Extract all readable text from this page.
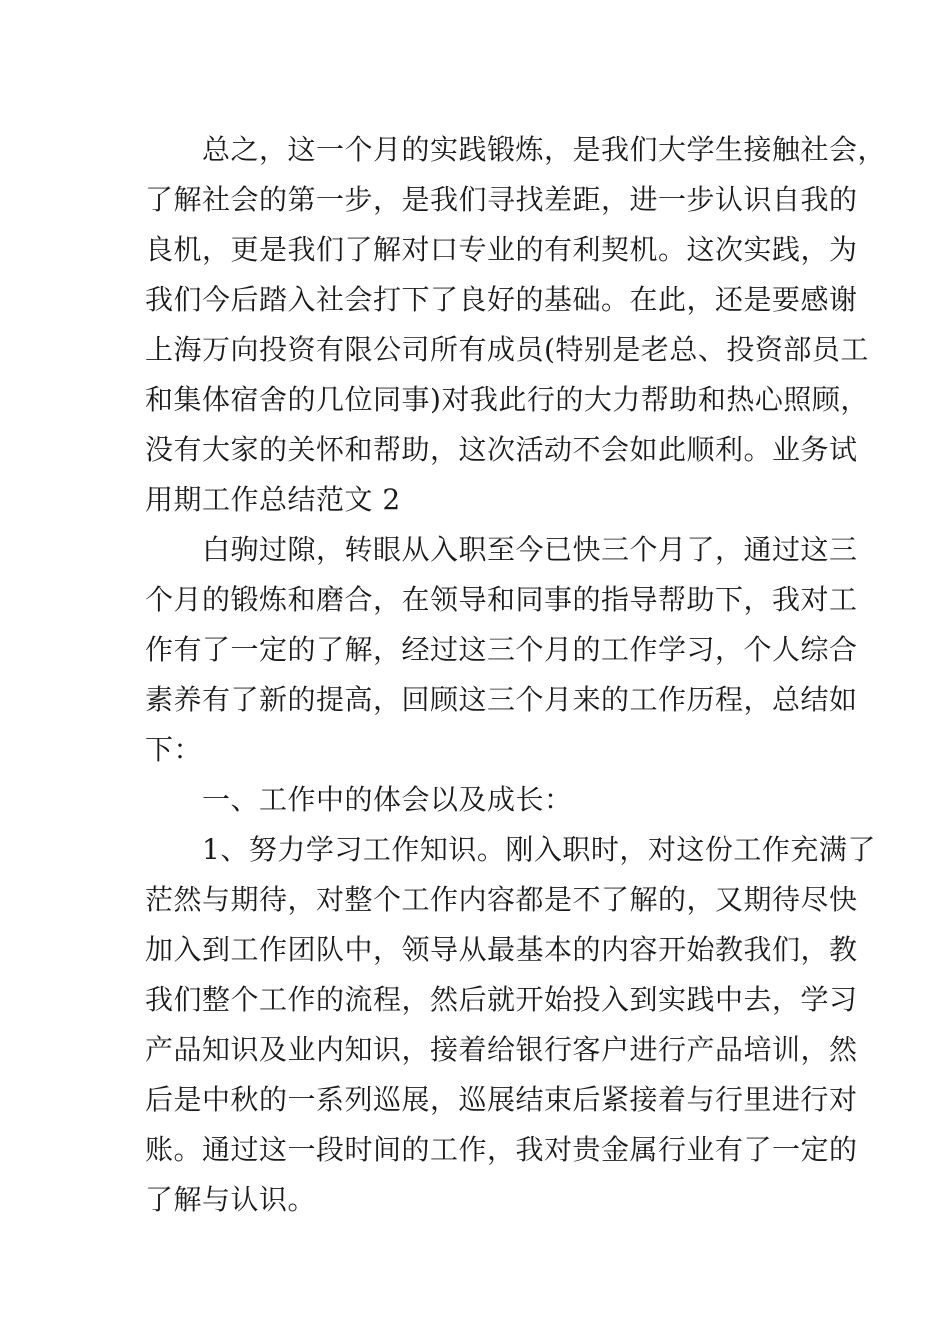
总之，这一个月的实践锻炼，是我们大学生接触社会，
了解社会的第一步，是我们寻找差距，进一步认识自我的
良机，更是我们了解对口专业的有利契机。这次实践，为
我们今后踏入社会打下了良好的基础。在此，还是要感谢
上海万向投资有限公司所有成员(特别是老总、投资部员工
和集体宿舍的几位同事)对我此行的大力帮助和热心照顾，
没有大家的关怀和帮助，这次活动不会如此顺利。业务试
用期工作总结范文 2
白驹过隙，转眼从入职至今已快三个月了，通过这三
个月的锻炼和磨合，在领导和同事的指导帮助下，我对工
作有了一定的了解，经过这三个月的工作学习，个人综合
素养有了新的提高，回顾这三个月来的工作历程，总结如
下：
一、工作中的体会以及成长：
1、努力学习工作知识。刚入职时，对这份工作充满了
茫然与期待，对整个工作内容都是不了解的，又期待尽快
加入到工作团队中，领导从最基本的内容开始教我们，教
我们整个工作的流程，然后就开始投入到实践中去，学习
产品知识及业内知识，接着给银行客户进行产品培训，然
后是中秋的一系列巡展，巡展结束后紧接着与行里进行对
账。通过这一段时间的工作，我对贵金属行业有了一定的
了解与认识。
